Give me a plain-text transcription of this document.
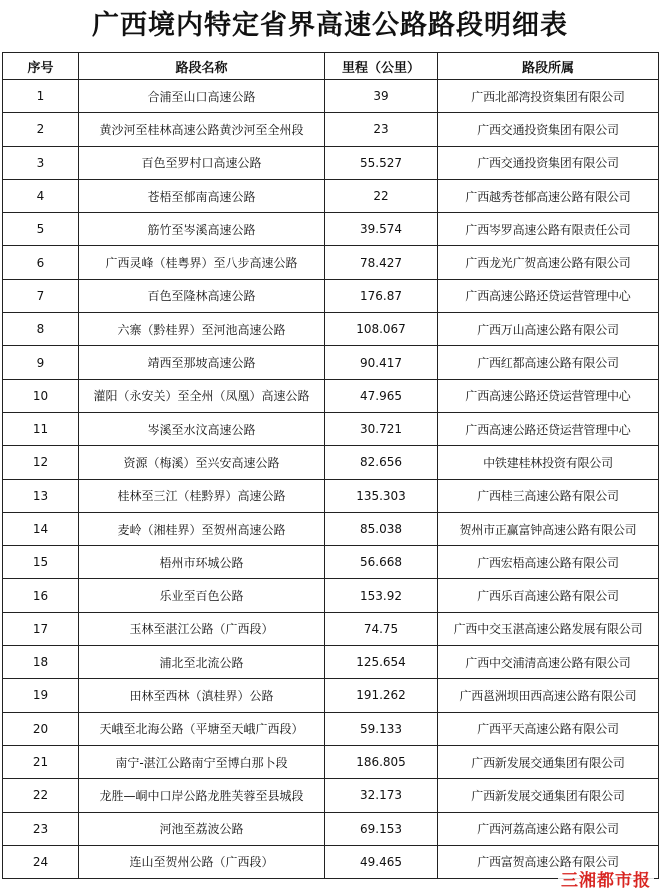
广西境内特定省界高速公路路段明细表
序号	路段名称	里程（公里）	路段所属
1	合浦至山口高速公路	39	广西北部湾投资集团有限公司
2	黄沙河至桂林高速公路黄沙河至全州段	23	广西交通投资集团有限公司
3	百色至罗村口高速公路	55.527	广西交通投资集团有限公司
4	苍梧至郁南高速公路	22	广西越秀苍郁高速公路有限公司
5	筋竹至岑溪高速公路	39.574	广西岑罗高速公路有限责任公司
6	广西灵峰（桂粤界）至八步高速公路	78.427	广西龙光广贺高速公路有限公司
7	百色至隆林高速公路	176.87	广西高速公路还贷运营管理中心
8	六寨（黔桂界）至河池高速公路	108.067	广西万山高速公路有限公司
9	靖西至那坡高速公路	90.417	广西红都高速公路有限公司
10	灌阳（永安关）至全州（凤凰）高速公路	47.965	广西高速公路还贷运营管理中心
11	岑溪至水汶高速公路	30.721	广西高速公路还贷运营管理中心
12	资源（梅溪）至兴安高速公路	82.656	中铁建桂林投资有限公司
13	桂林至三江（桂黔界）高速公路	135.303	广西桂三高速公路有限公司
14	麦岭（湘桂界）至贺州高速公路	85.038	贺州市正赢富钟高速公路有限公司
15	梧州市环城公路	56.668	广西宏梧高速公路有限公司
16	乐业至百色公路	153.92	广西乐百高速公路有限公司
17	玉林至湛江公路（广西段）	74.75	广西中交玉湛高速公路发展有限公司
18	浦北至北流公路	125.654	广西中交浦清高速公路有限公司
19	田林至西林（滇桂界）公路	191.262	广西邕洲坝田西高速公路有限公司
20	天峨至北海公路（平塘至天峨广西段）	59.133	广西平天高速公路有限公司
21	南宁-湛江公路南宁至博白那卜段	186.805	广西新发展交通集团有限公司
22	龙胜—峒中口岸公路龙胜芙蓉至县城段	32.173	广西新发展交通集团有限公司
23	河池至荔波公路	69.153	广西河荔高速公路有限公司
24	连山至贺州公路（广西段）	49.465	广西富贺高速公路有限公司
三湘都市报
